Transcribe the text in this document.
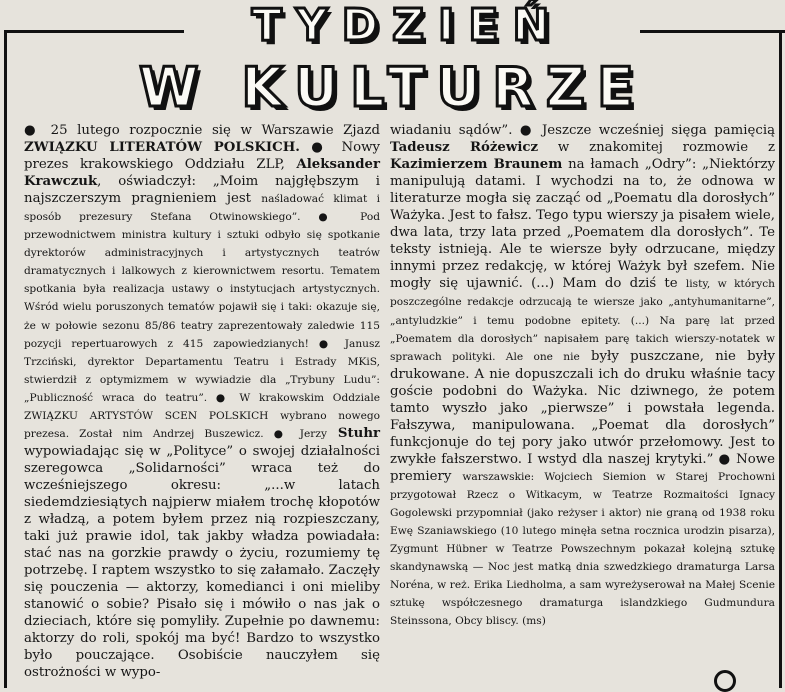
TYDZIEŃ
W KULTURZE

● 25 lutego rozpocznie się w Warszawie Zjazd ZWIĄZKU LITERATÓW POLSKICH. ● Nowy prezes krakowskiego Oddziału ZLP, Aleksander Krawczuk, oświadczył: „Moim najgłębszym i najszczerszym pragnieniem jest naśladować klimat i sposób prezesury Stefana Otwinowskiego”. ● Pod przewodnictwem ministra kultury i sztuki odbyło się spotkanie dyrektorów administracyjnych i artystycznych teatrów dramatycznych i lalkowych z kierownictwem resortu. Tematem spotkania była realizacja ustawy o instytucjach artystycznych. Wśród wielu poruszonych tematów pojawił się i taki: okazuje się, że w połowie sezonu 85/86 teatry zaprezentowały zaledwie 115 pozycji repertuarowych z 415 zapowiedzianych! ● Janusz Trzciński, dyrektor Departamentu Teatru i Estrady MKiS, stwierdził z optymizmem w wywiadzie dla „Trybuny Ludu”: „Publiczność wraca do teatru”. ● W krakowskim Oddziale ZWIĄZKU ARTYSTÓW SCEN POLSKICH wybrano nowego prezesa. Został nim Andrzej Buszewicz. ● Jerzy Stuhr wypowiadając się w „Polityce” o swojej działalności szeregowca „Solidarności” wraca też do wcześniejszego okresu: „...w latach siedemdziesiątych najpierw miałem trochę kłopotów z władzą, a potem byłem przez nią rozpieszczany, taki już prawie idol, tak jakby władza powiadała: stać nas na gorzkie prawdy o życiu, rozumiemy tę potrzebę. I raptem wszystko to się załamało. Zaczęły się pouczenia — aktorzy, komedianci i oni mieliby stanowić o sobie? Pisało się i mówiło o nas jak o dzieciach, które się pomyliły. Zupełnie po dawnemu: aktorzy do roli, spokój ma być! Bardzo to wszystko było pouczające. Osobiście nauczyłem się ostrożności w wypo-

wiadaniu sądów”. ● Jeszcze wcześniej sięga pamięcią Tadeusz Różewicz w znakomitej rozmowie z Kazimierzem Braunem na łamach „Odry”: „Niektórzy manipulują datami. I wychodzi na to, że odnowa w literaturze mogła się zacząć od „Poematu dla dorosłych” Ważyka. Jest to fałsz. Tego typu wierszy ja pisałem wiele, dwa lata, trzy lata przed „Poematem dla dorosłych”. Te teksty istnieją. Ale te wiersze były odrzucane, między innymi przez redakcję, w której Ważyk był szefem. Nie mogły się ujawnić. (...) Mam do dziś te listy, w których poszczególne redakcje odrzucają te wiersze jako „antyhumanitarne”, „antyludzkie” i temu podobne epitety. (...) Na parę lat przed „Poematem dla dorosłych” napisałem parę takich wierszy-notatek w sprawach polityki. Ale one nie były puszczane, nie były drukowane. A nie dopuszczali ich do druku właśnie tacy goście podobni do Ważyka. Nic dziwnego, że potem tamto wyszło jako „pierwsze” i powstała legenda. Fałszywa, manipulowana. „Poemat dla dorosłych” funkcjonuje do tej pory jako utwór przełomowy. Jest to zwykłe fałszerstwo. I wstyd dla naszej krytyki.” ● Nowe premiery warszawskie: Wojciech Siemion w Starej Prochowni przygotował Rzecz o Witkacym, w Teatrze Rozmaitości Ignacy Gogolewski przypomniał (jako reżyser i aktor) nie graną od 1938 roku Ewę Szaniawskiego (10 lutego minęła setna rocznica urodzin pisarza), Zygmunt Hübner w Teatrze Powszechnym pokazał kolejną sztukę skandynawską — Noc jest matką dnia szwedzkiego dramaturga Larsa Noréna, w reż. Erika Liedholma, a sam wyreżyserował na Małej Scenie sztukę współczesnego dramaturga islandzkiego Gudmundura Steinssona, Obcy bliscy. (ms)
